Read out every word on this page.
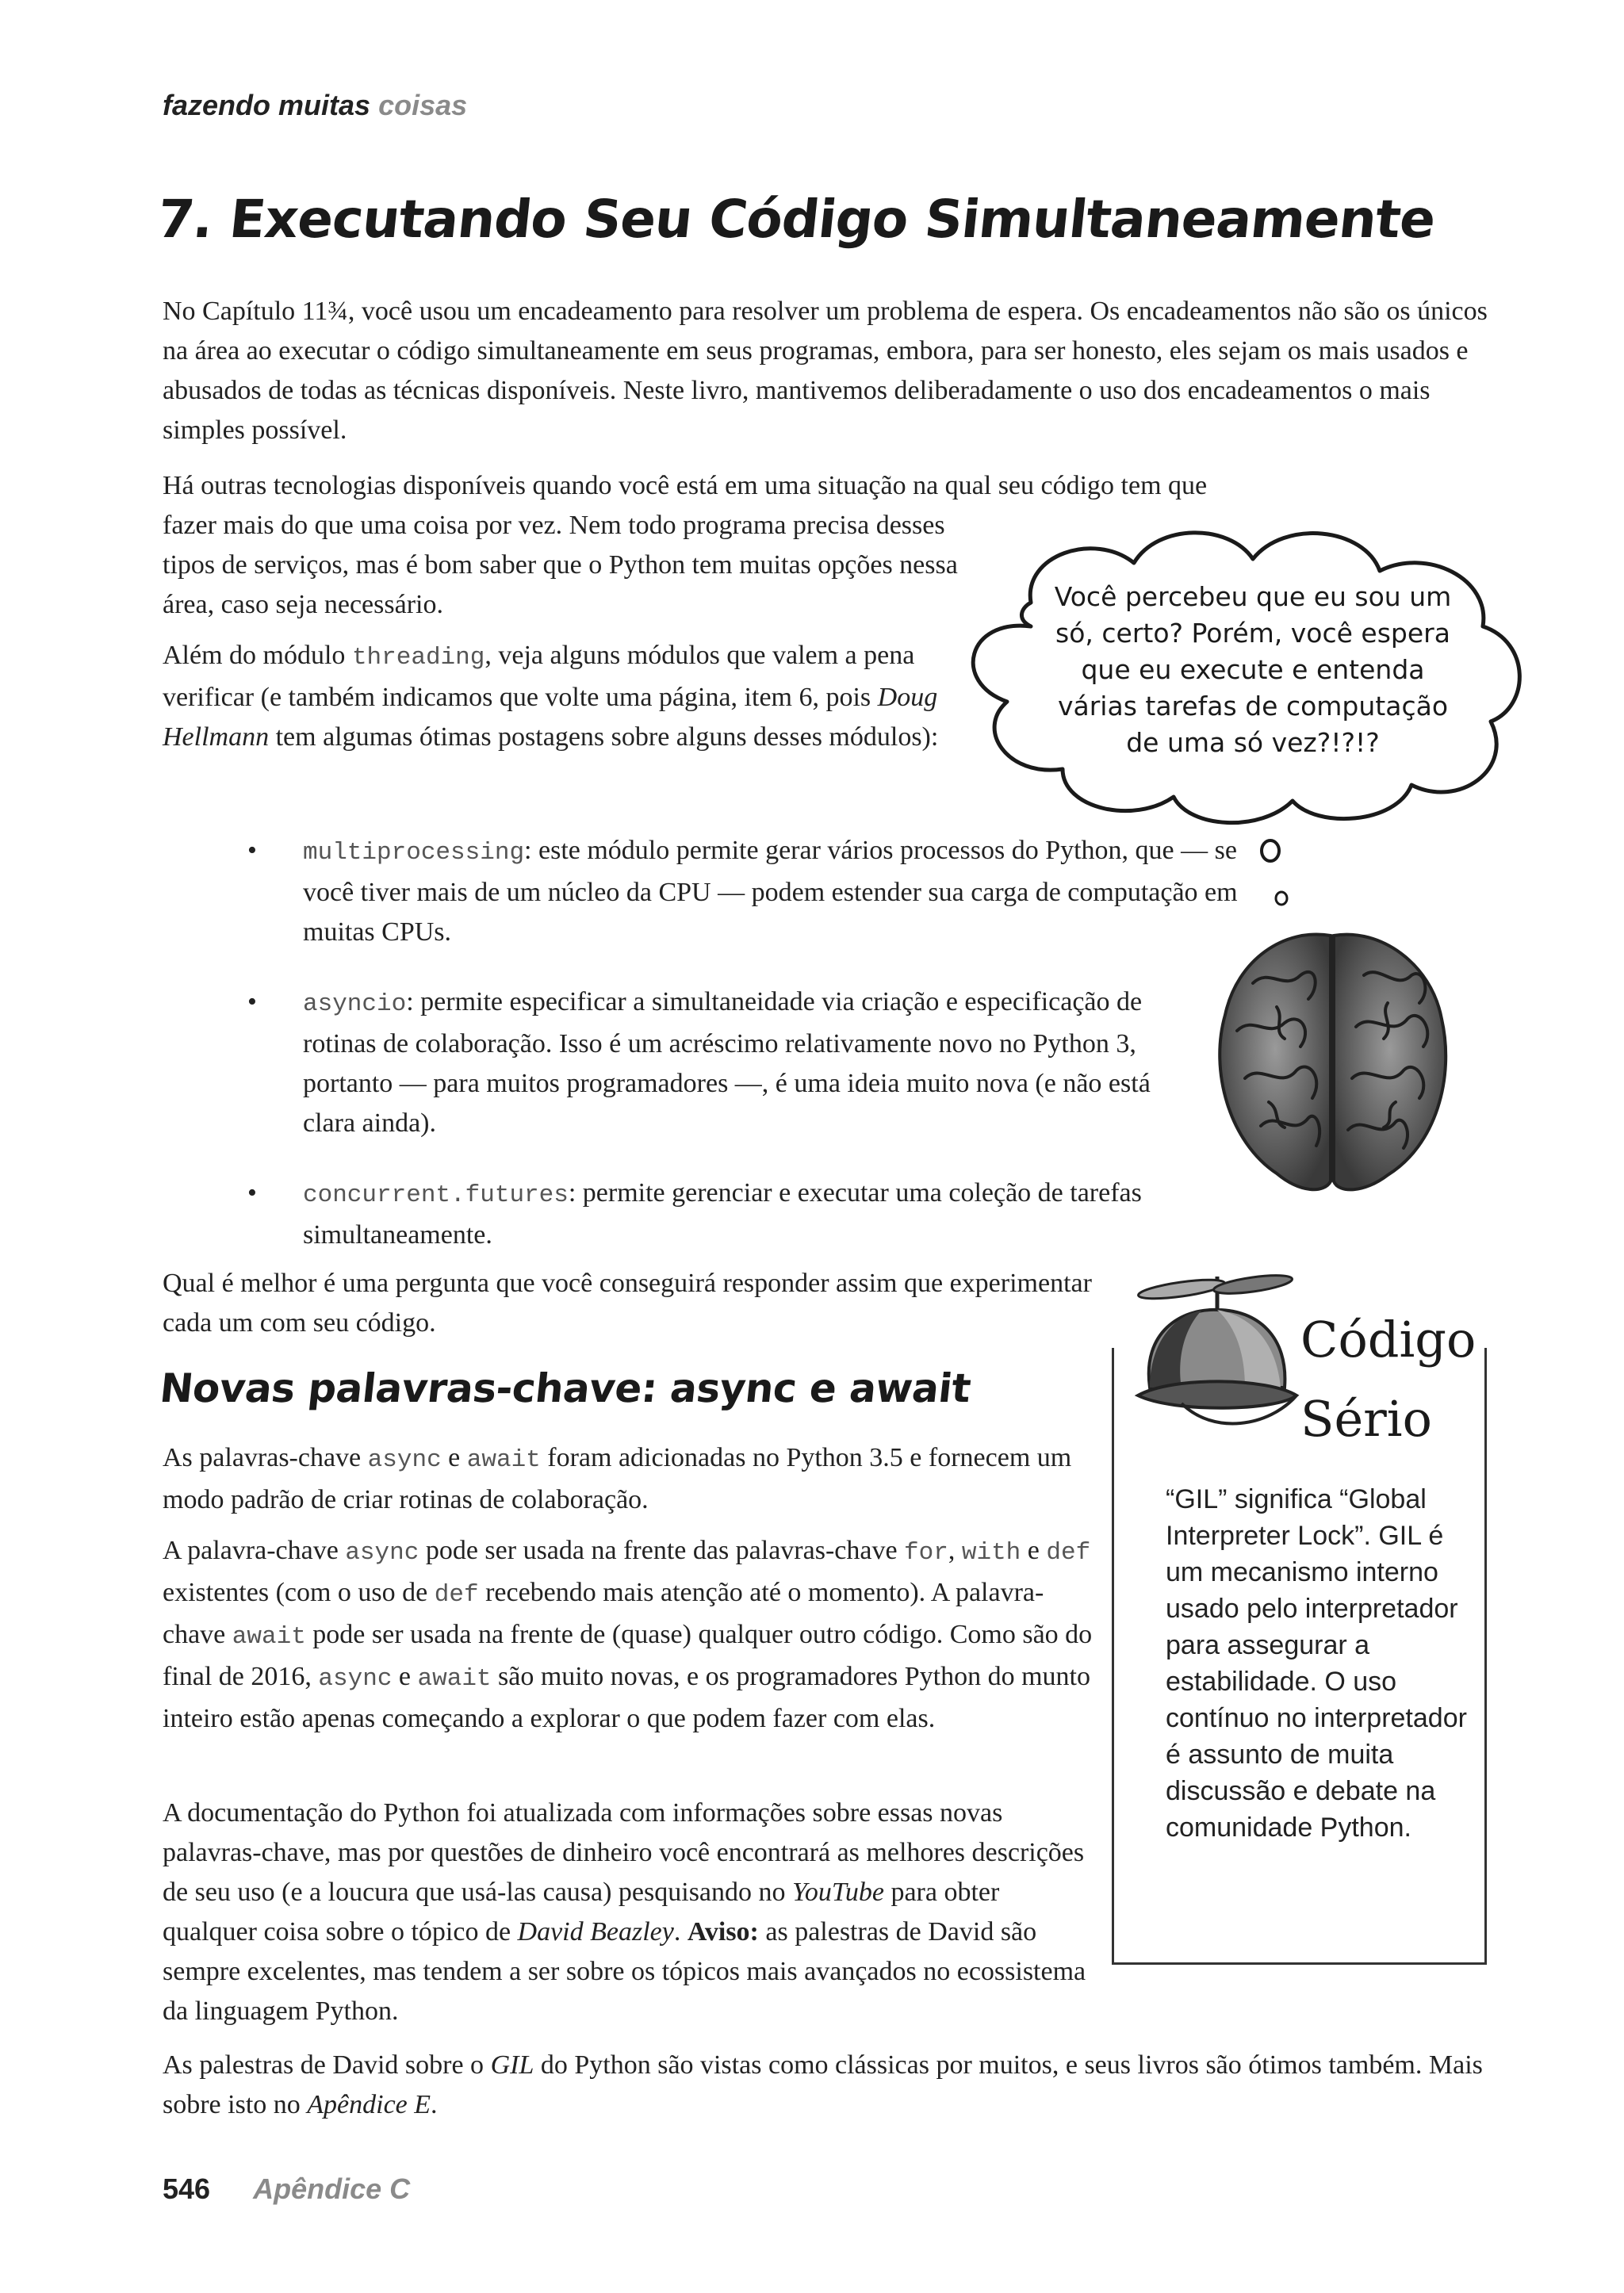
fazendo muitas coisas
7. Executando Seu Código Simultaneamente

No Capítulo 11¾, você usou um encadeamento para resolver um problema de espera. Os encadeamentos não são os únicos na área ao executar o código simultaneamente em seus programas, embora, para ser honesto, eles sejam os mais usados e abusados de todas as técnicas disponíveis. Neste livro, mantivemos deliberadamente o uso dos encadeamentos o mais simples possível.

Há outras tecnologias disponíveis quando você está em uma situação na qual seu código tem que

fazer mais do que uma coisa por vez. Nem todo programa precisa desses tipos de serviços, mas é bom saber que o Python tem muitas opções nessa área, caso seja necessário.

Além do módulo threading, veja alguns módulos que valem a pena verificar (e também indicamos que volte uma página, item 6, pois Doug Hellmann tem algumas ótimas postagens sobre alguns desses módulos):

Você percebeu que eu sou um só, certo? Porém, você espera que eu execute e entenda várias tarefas de computação de uma só vez?!?!?
• multiprocessing: este módulo permite gerar vários processos do Python, que — se você tiver mais de um núcleo da CPU — podem estender sua carga de computação em muitas CPUs.
• asyncio: permite especificar a simultaneidade via criação e especificação de rotinas de colaboração. Isso é um acréscimo relativamente novo no Python 3, portanto — para muitos programadores —, é uma ideia muito nova (e não está clara ainda).
• concurrent.futures: permite gerenciar e executar uma coleção de tarefas simultaneamente.

Qual é melhor é uma pergunta que você conseguirá responder assim que experimentar cada um com seu código.

Novas palavras-chave: async e await

As palavras-chave async e await foram adicionadas no Python 3.5 e fornecem um modo padrão de criar rotinas de colaboração.

A palavra-chave async pode ser usada na frente das palavras-chave for, with e def existentes (com o uso de def recebendo mais atenção até o momento). A palavra-chave await pode ser usada na frente de (quase) qualquer outro código. Como são do final de 2016, async e await são muito novas, e os programadores Python do munto inteiro estão apenas começando a explorar o que podem fazer com elas.

A documentação do Python foi atualizada com informações sobre essas novas palavras-chave, mas por questões de dinheiro você encontrará as melhores descrições de seu uso (e a loucura que usá-las causa) pesquisando no YouTube para obter qualquer coisa sobre o tópico de David Beazley. Aviso: as palestras de David são sempre excelentes, mas tendem a ser sobre os tópicos mais avançados no ecossistema da linguagem Python.

As palestras de David sobre o GIL do Python são vistas como clássicas por muitos, e seus livros são ótimos também. Mais sobre isto no Apêndice E.

Código
Sério
“GIL” significa “Global Interpreter Lock”. GIL é um mecanismo interno usado pelo interpretador para assegurar a estabilidade. O uso contínuo no interpretador é assunto de muita discussão e debate na comunidade Python.
546 Apêndice C
